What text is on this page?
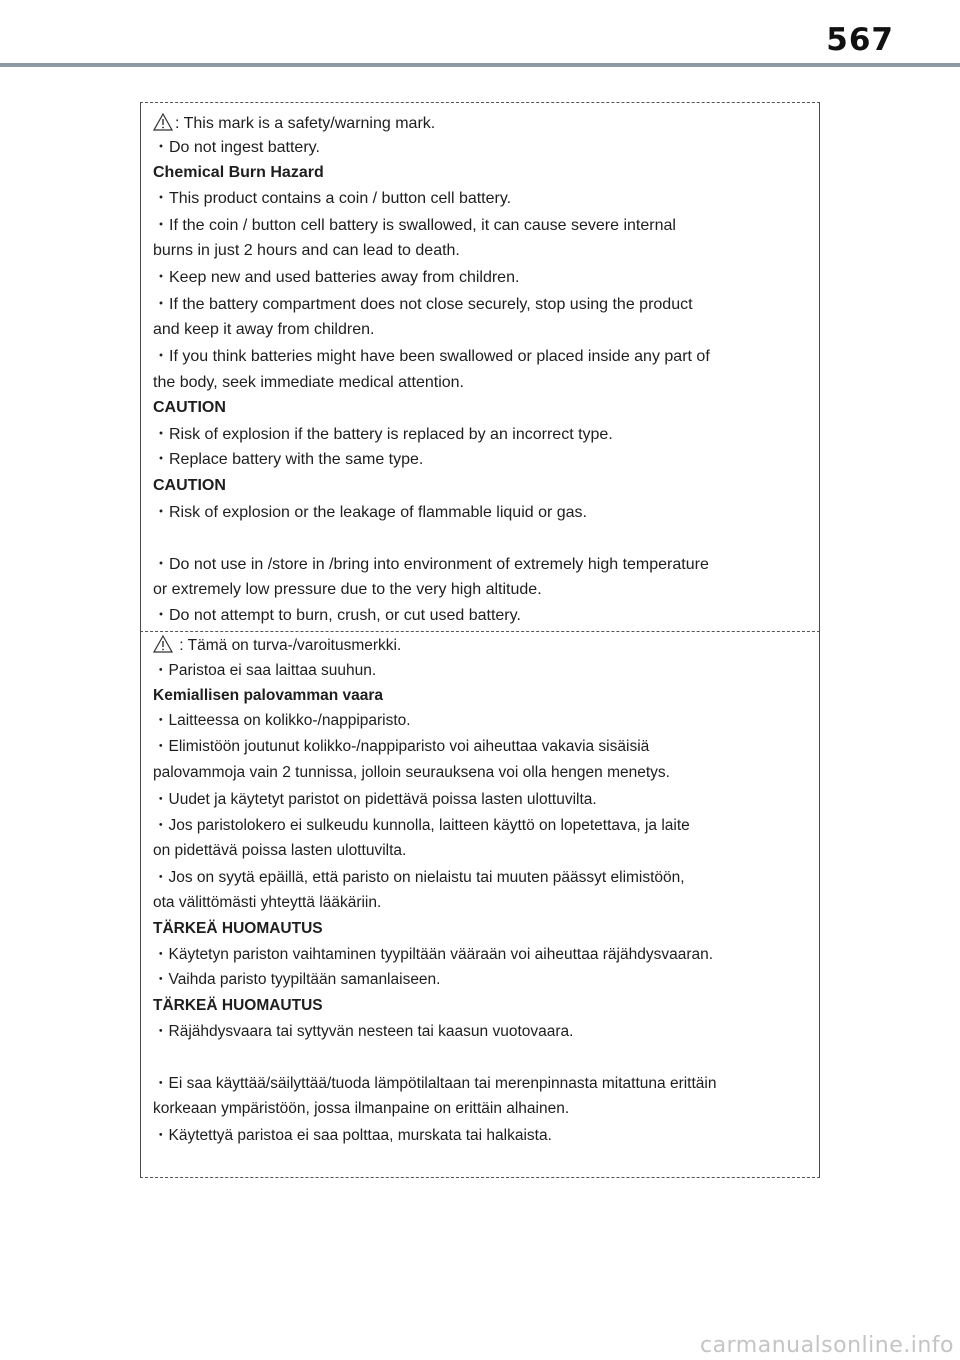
567
: This mark is a safety/warning mark.
・Do not ingest battery.
Chemical Burn Hazard
・This product contains a coin / button cell battery.
・If the coin / button cell battery is swallowed, it can cause severe internal
burns in just 2 hours and can lead to death.
・Keep new and used batteries away from children.
・If the battery compartment does not close securely, stop using the product
and keep it away from children.
・If you think batteries might have been swallowed or placed inside any part of
the body, seek immediate medical attention.
CAUTION
・Risk of explosion if the battery is replaced by an incorrect type.
・Replace battery with the same type.
CAUTION
・Risk of explosion or the leakage of flammable liquid or gas.
・Do not use in /store in /bring into environment of extremely high temperature
or extremely low pressure due to the very high altitude.
・Do not attempt to burn, crush, or cut used battery.
: Tämä on turva-/varoitusmerkki.
・Paristoa ei saa laittaa suuhun.
Kemiallisen palovamman vaara
・Laitteessa on kolikko-/nappiparisto.
・Elimistöön joutunut kolikko-/nappiparisto voi aiheuttaa vakavia sisäisiä
palovammoja vain 2 tunnissa, jolloin seurauksena voi olla hengen menetys.
・Uudet ja käytetyt paristot on pidettävä poissa lasten ulottuvilta.
・Jos paristolokero ei sulkeudu kunnolla, laitteen käyttö on lopetettava, ja laite
on pidettävä poissa lasten ulottuvilta.
・Jos on syytä epäillä, että paristo on nielaistu tai muuten päässyt elimistöön,
ota välittömästi yhteyttä lääkäriin.
TÄRKEÄ HUOMAUTUS
・Käytetyn pariston vaihtaminen tyypiltään vääraän voi aiheuttaa räjähdysvaaran.
・Vaihda paristo tyypiltään samanlaiseen.
TÄRKEÄ HUOMAUTUS
・Räjähdysvaara tai syttyvän nesteen tai kaasun vuotovaara.
・Ei saa käyttää/säilyttää/tuoda lämpötilaltaan tai merenpinnasta mitattuna erittäin
korkeaan ympäristöön, jossa ilmanpaine on erittäin alhainen.
・Käytettyä paristoa ei saa polttaa, murskata tai halkaista.
carmanualsonline.info
